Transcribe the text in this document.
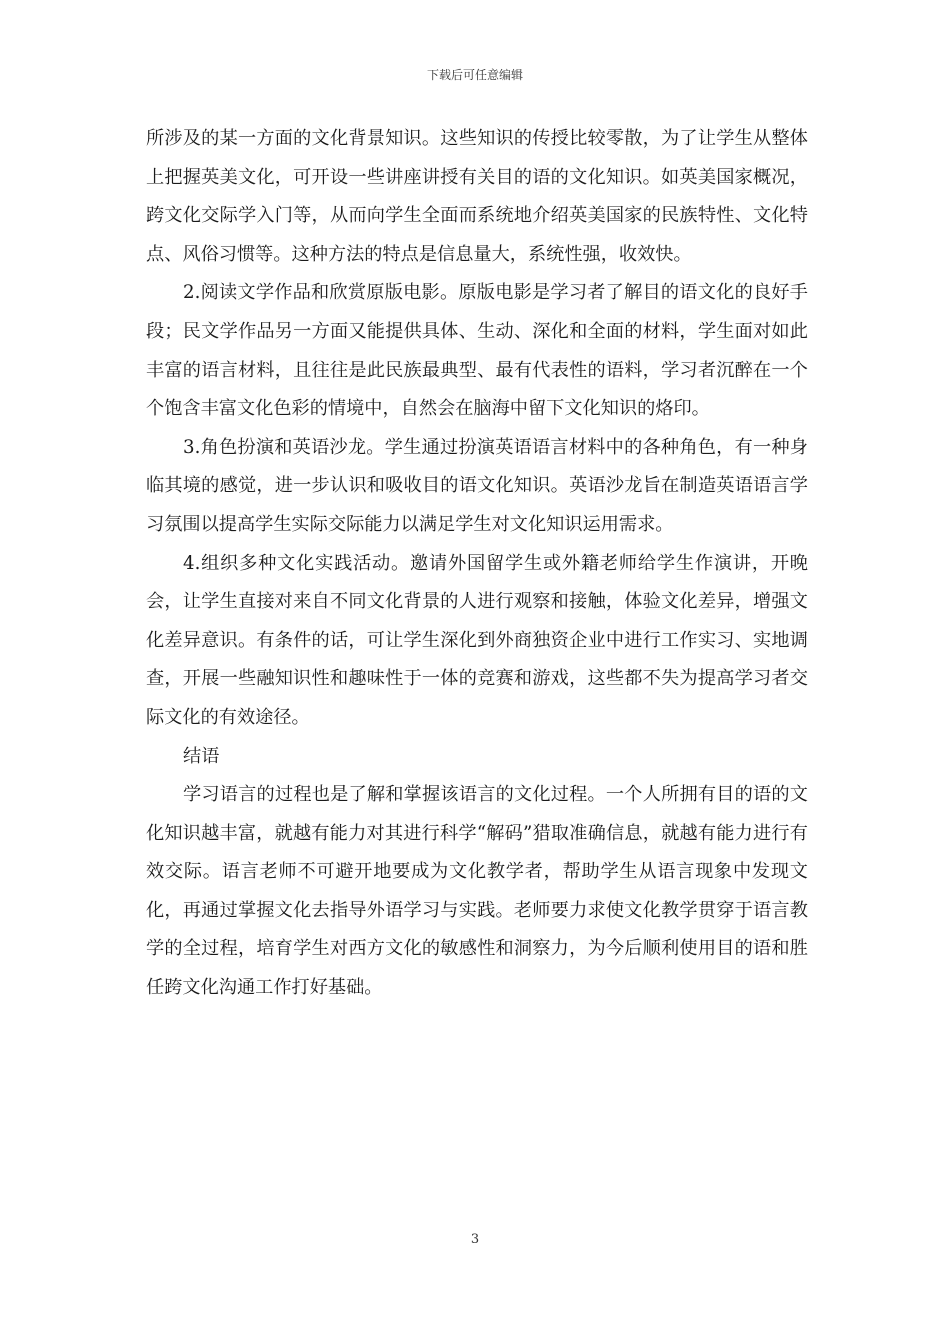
下载后可任意编辑

所涉及的某一方面的文化背景知识。这些知识的传授比较零散，为了让学生从整体上把握英美文化，可开设一些讲座讲授有关目的语的文化知识。如英美国家概况，跨文化交际学入门等，从而向学生全面而系统地介绍英美国家的民族特性、文化特点、风俗习惯等。这种方法的特点是信息量大，系统性强，收效快。

2.阅读文学作品和欣赏原版电影。原版电影是学习者了解目的语文化的良好手段；民文学作品另一方面又能提供具体、生动、深化和全面的材料，学生面对如此丰富的语言材料，且往往是此民族最典型、最有代表性的语料，学习者沉醉在一个个饱含丰富文化色彩的情境中，自然会在脑海中留下文化知识的烙印。

3.角色扮演和英语沙龙。学生通过扮演英语语言材料中的各种角色，有一种身临其境的感觉，进一步认识和吸收目的语文化知识。英语沙龙旨在制造英语语言学习氛围以提高学生实际交际能力以满足学生对文化知识运用需求。

4.组织多种文化实践活动。邀请外国留学生或外籍老师给学生作演讲，开晚会，让学生直接对来自不同文化背景的人进行观察和接触，体验文化差异，增强文化差异意识。有条件的话，可让学生深化到外商独资企业中进行工作实习、实地调查，开展一些融知识性和趣味性于一体的竞赛和游戏，这些都不失为提高学习者交际文化的有效途径。

结语

学习语言的过程也是了解和掌握该语言的文化过程。一个人所拥有目的语的文化知识越丰富，就越有能力对其进行科学“解码”猎取准确信息，就越有能力进行有效交际。语言老师不可避开地要成为文化教学者，帮助学生从语言现象中发现文化，再通过掌握文化去指导外语学习与实践。老师要力求使文化教学贯穿于语言教学的全过程，培育学生对西方文化的敏感性和洞察力，为今后顺利使用目的语和胜任跨文化沟通工作打好基础。

3
